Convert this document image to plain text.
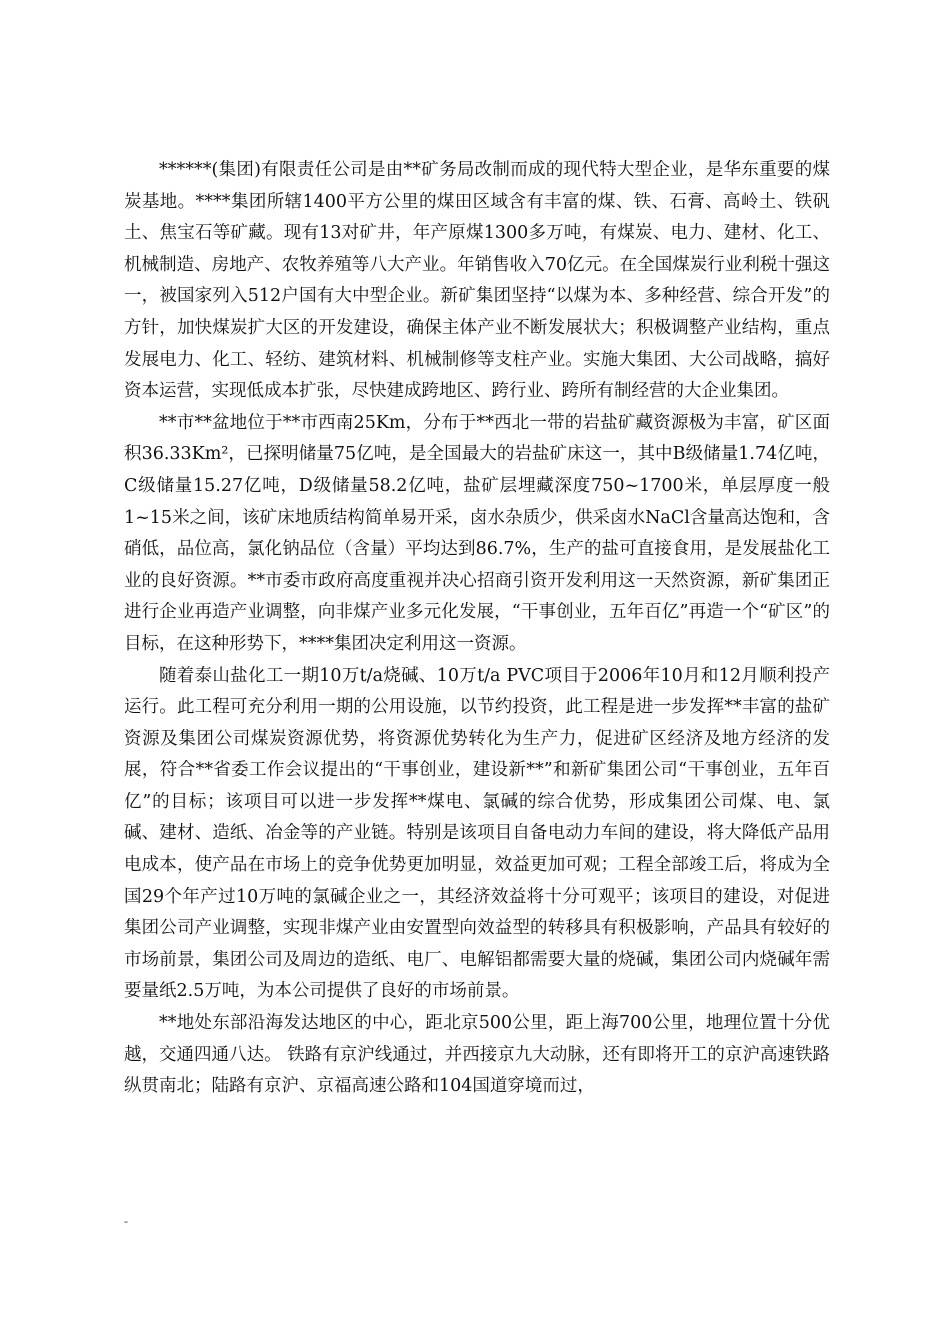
******(集团)有限责任公司是由**矿务局改制而成的现代特大型企业，是华东重要的煤炭基地。****集团所辖1400平方公里的煤田区域含有丰富的煤、铁、石膏、高岭土、铁矾土、焦宝石等矿藏。现有13对矿井，年产原煤1300多万吨，有煤炭、电力、建材、化工、机械制造、房地产、农牧养殖等八大产业。年销售收入70亿元。在全国煤炭行业利税十强这一，被国家列入512户国有大中型企业。新矿集团坚持“以煤为本、多种经营、综合开发”的方针，加快煤炭扩大区的开发建设，确保主体产业不断发展状大；积极调整产业结构，重点发展电力、化工、轻纺、建筑材料、机械制修等支柱产业。实施大集团、大公司战略，搞好资本运营，实现低成本扩张，尽快建成跨地区、跨行业、跨所有制经营的大企业集团。

**市**盆地位于**市西南25Km，分布于**西北一带的岩盐矿藏资源极为丰富，矿区面积36.33Km²，已探明储量75亿吨，是全国最大的岩盐矿床这一，其中B级储量1.74亿吨，C级储量15.27亿吨，D级储量58.2亿吨，盐矿层埋藏深度750~1700米，单层厚度一般1~15米之间，该矿床地质结构简单易开采，卤水杂质少，供采卤水NaCl含量高达饱和，含硝低，品位高，氯化钠品位（含量）平均达到86.7%，生产的盐可直接食用，是发展盐化工业的良好资源。**市委市政府高度重视并决心招商引资开发利用这一天然资源，新矿集团正进行企业再造产业调整，向非煤产业多元化发展，“干事创业，五年百亿”再造一个“矿区”的目标，在这种形势下，****集团决定利用这一资源。

随着泰山盐化工一期10万t/a烧碱、10万t/a PVC项目于2006年10月和12月顺利投产运行。此工程可充分利用一期的公用设施，以节约投资，此工程是进一步发挥**丰富的盐矿资源及集团公司煤炭资源优势，将资源优势转化为生产力，促进矿区经济及地方经济的发展，符合**省委工作会议提出的“干事创业，建设新**”和新矿集团公司“干事创业，五年百亿”的目标；该项目可以进一步发挥**煤电、氯碱的综合优势，形成集团公司煤、电、氯碱、建材、造纸、冶金等的产业链。特别是该项目自备电动力车间的建设，将大降低产品用电成本，使产品在市场上的竞争优势更加明显，效益更加可观；工程全部竣工后，将成为全国29个年产过10万吨的氯碱企业之一，其经济效益将十分可观平；该项目的建设，对促进集团公司产业调整，实现非煤产业由安置型向效益型的转移具有积极影响，产品具有较好的市场前景，集团公司及周边的造纸、电厂、电解铝都需要大量的烧碱，集团公司内烧碱年需要量纸2.5万吨，为本公司提供了良好的市场前景。

**地处东部沿海发达地区的中心，距北京500公里，距上海700公里，地理位置十分优越，交通四通八达。 铁路有京沪线通过，并西接京九大动脉，还有即将开工的京沪高速铁路纵贯南北；陆路有京沪、京福高速公路和104国道穿境而过，

-
